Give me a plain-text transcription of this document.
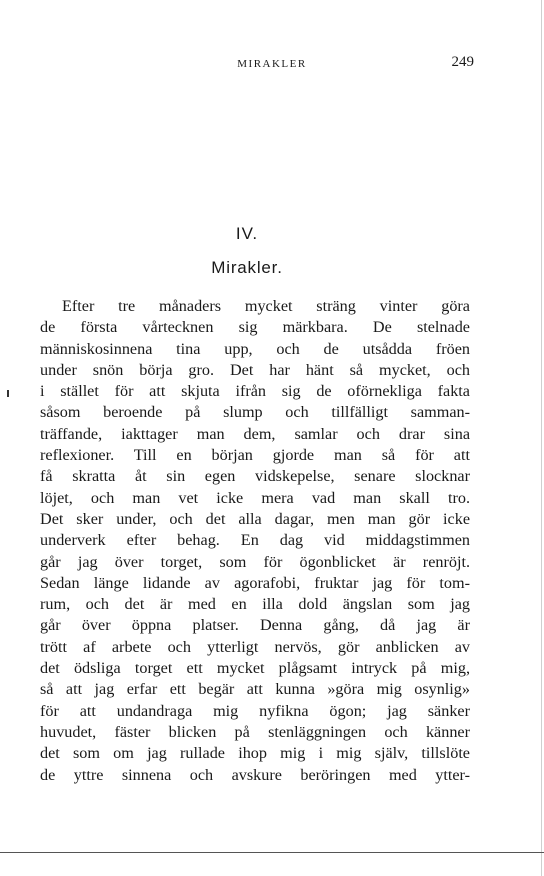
MIRAKLER	249
IV.
Mirakler.
Efter tre månaders mycket sträng vinter göra
de första vårtecknen sig märkbara. De stelnade
människosinnena tina upp, och de utsådda fröen
under snön börja gro. Det har hänt så mycket, och
i stället för att skjuta ifrån sig de oförnekliga fakta
såsom beroende på slump och tillfälligt samman-
träffande, iakttager man dem, samlar och drar sina
reflexioner. Till en början gjorde man så för att
få skratta åt sin egen vidskepelse, senare slocknar
löjet, och man vet icke mera vad man skall tro.
Det sker under, och det alla dagar, men man gör icke
underverk efter behag. En dag vid middagstimmen
går jag över torget, som för ögonblicket är renröjt.
Sedan länge lidande av agorafobi, fruktar jag för tom-
rum, och det är med en illa dold ängslan som jag
går över öppna platser. Denna gång, då jag är
trött af arbete och ytterligt nervös, gör anblicken av
det ödsliga torget ett mycket plågsamt intryck på mig,
så att jag erfar ett begär att kunna »göra mig osynlig»
för att undandraga mig nyfikna ögon; jag sänker
huvudet, fäster blicken på stenläggningen och känner
det som om jag rullade ihop mig i mig själv, tillslöte
de yttre sinnena och avskure beröringen med ytter-
